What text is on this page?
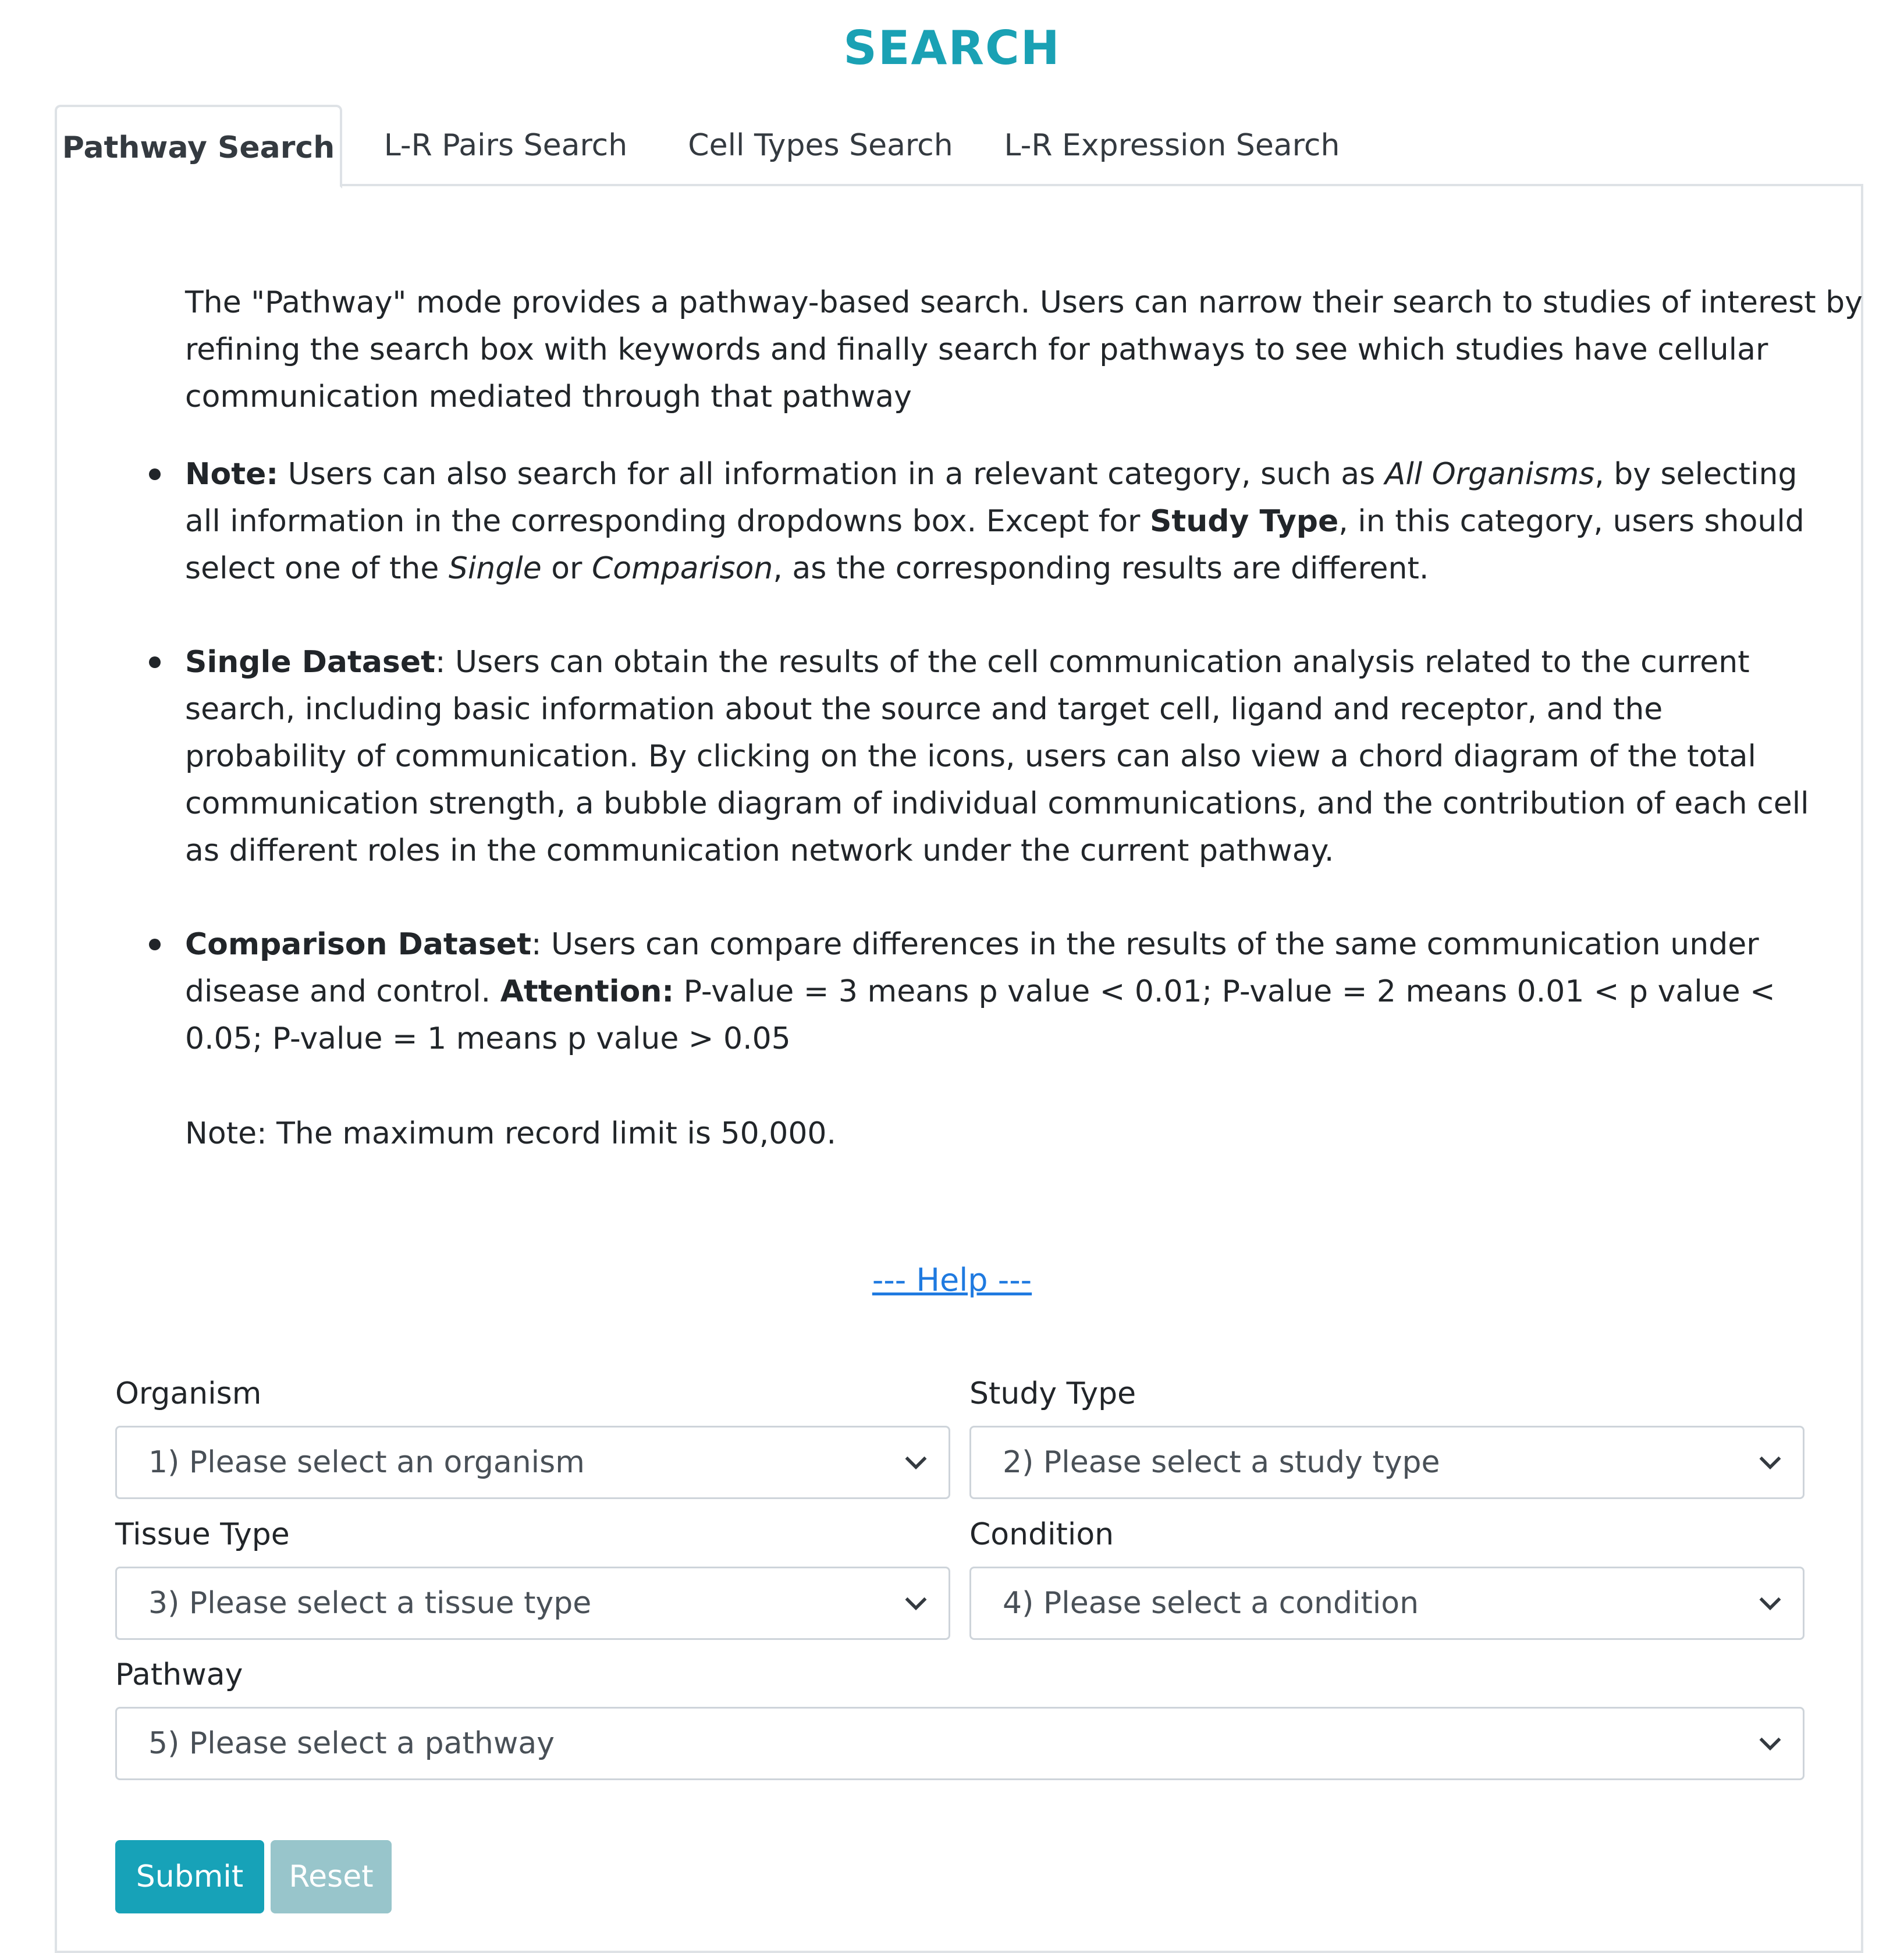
SEARCH
Pathway Search	L-R Pairs Search	Cell Types Search	L-R Expression Search

The "Pathway" mode provides a pathway-based search. Users can narrow their search to studies of interest by refining the search box with keywords and finally search for pathways to see which studies have cellular communication mediated through that pathway

Note: Users can also search for all information in a relevant category, such as All Organisms, by selecting all information in the corresponding dropdowns box. Except for Study Type, in this category, users should select one of the Single or Comparison, as the corresponding results are different.
Single Dataset: Users can obtain the results of the cell communication analysis related to the current search, including basic information about the source and target cell, ligand and receptor, and the probability of communication. By clicking on the icons, users can also view a chord diagram of the total communication strength, a bubble diagram of individual communications, and the contribution of each cell as different roles in the communication network under the current pathway.
Comparison Dataset: Users can compare differences in the results of the same communication under disease and control. Attention: P-value = 3 means p value < 0.01; P-value = 2 means 0.01 < p value < 0.05; P-value = 1 means p value > 0.05

Note: The maximum record limit is 50,000.

--- Help ---
Organism
1) Please select an organism
Study Type
2) Please select a study type
Tissue Type
3) Please select a tissue type
Condition
4) Please select a condition
Pathway
5) Please select a pathway
Submit	Reset
